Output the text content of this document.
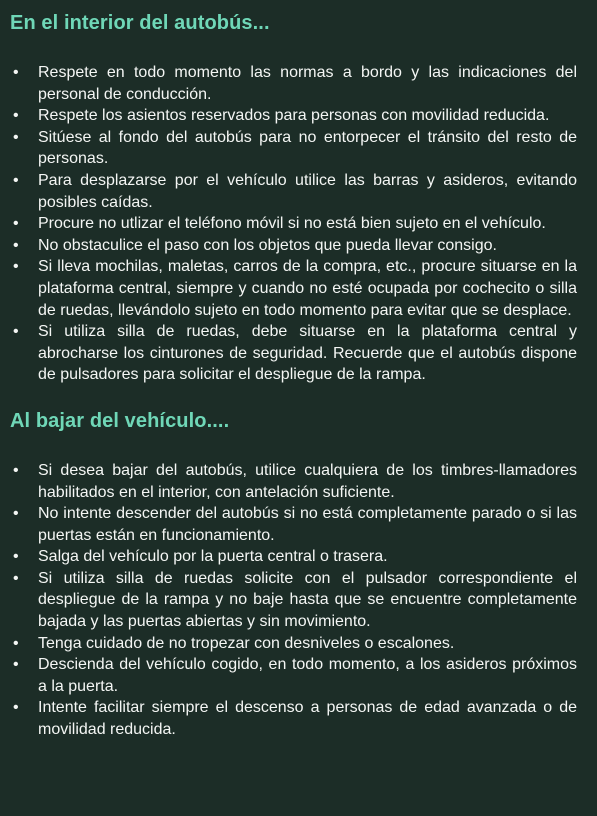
En el interior del autobús...
• Respete en todo momento las normas a bordo y las indicaciones del personal de conducción.
• Respete los asientos reservados para personas con movilidad reducida.
• Sitúese al fondo del autobús para no entorpecer el tránsito del resto de personas.
• Para desplazarse por el vehículo utilice las barras y asideros, evitando posibles caídas.
• Procure no utlizar el teléfono móvil si no está bien sujeto en el vehículo.
• No obstaculice el paso con los objetos que pueda llevar consigo.
• Si lleva mochilas, maletas, carros de la compra, etc., procure situarse en la plataforma central, siempre y cuando no esté ocupada por cochecito o silla de ruedas, llevándolo sujeto en todo momento para evitar que se desplace.
• Si utiliza silla de ruedas, debe situarse en la plataforma central y abrocharse los cinturones de seguridad. Recuerde que el autobús dispone de pulsadores para solicitar el despliegue de la rampa.
Al bajar del vehículo....
• Si desea bajar del autobús, utilice cualquiera de los timbres-llamadores habilitados en el interior, con antelación suficiente.
• No intente descender del autobús si no está completamente parado o si las puertas están en funcionamiento.
• Salga del vehículo por la puerta central o trasera.
• Si utiliza silla de ruedas solicite con el pulsador correspondiente el despliegue de la rampa y no baje hasta que se encuentre completamente bajada y las puertas abiertas y sin movimiento.
• Tenga cuidado de no tropezar con desniveles o escalones.
• Descienda del vehículo cogido, en todo momento, a los asideros próximos a la puerta.
• Intente facilitar siempre el descenso a personas de edad avanzada o de movilidad reducida.
